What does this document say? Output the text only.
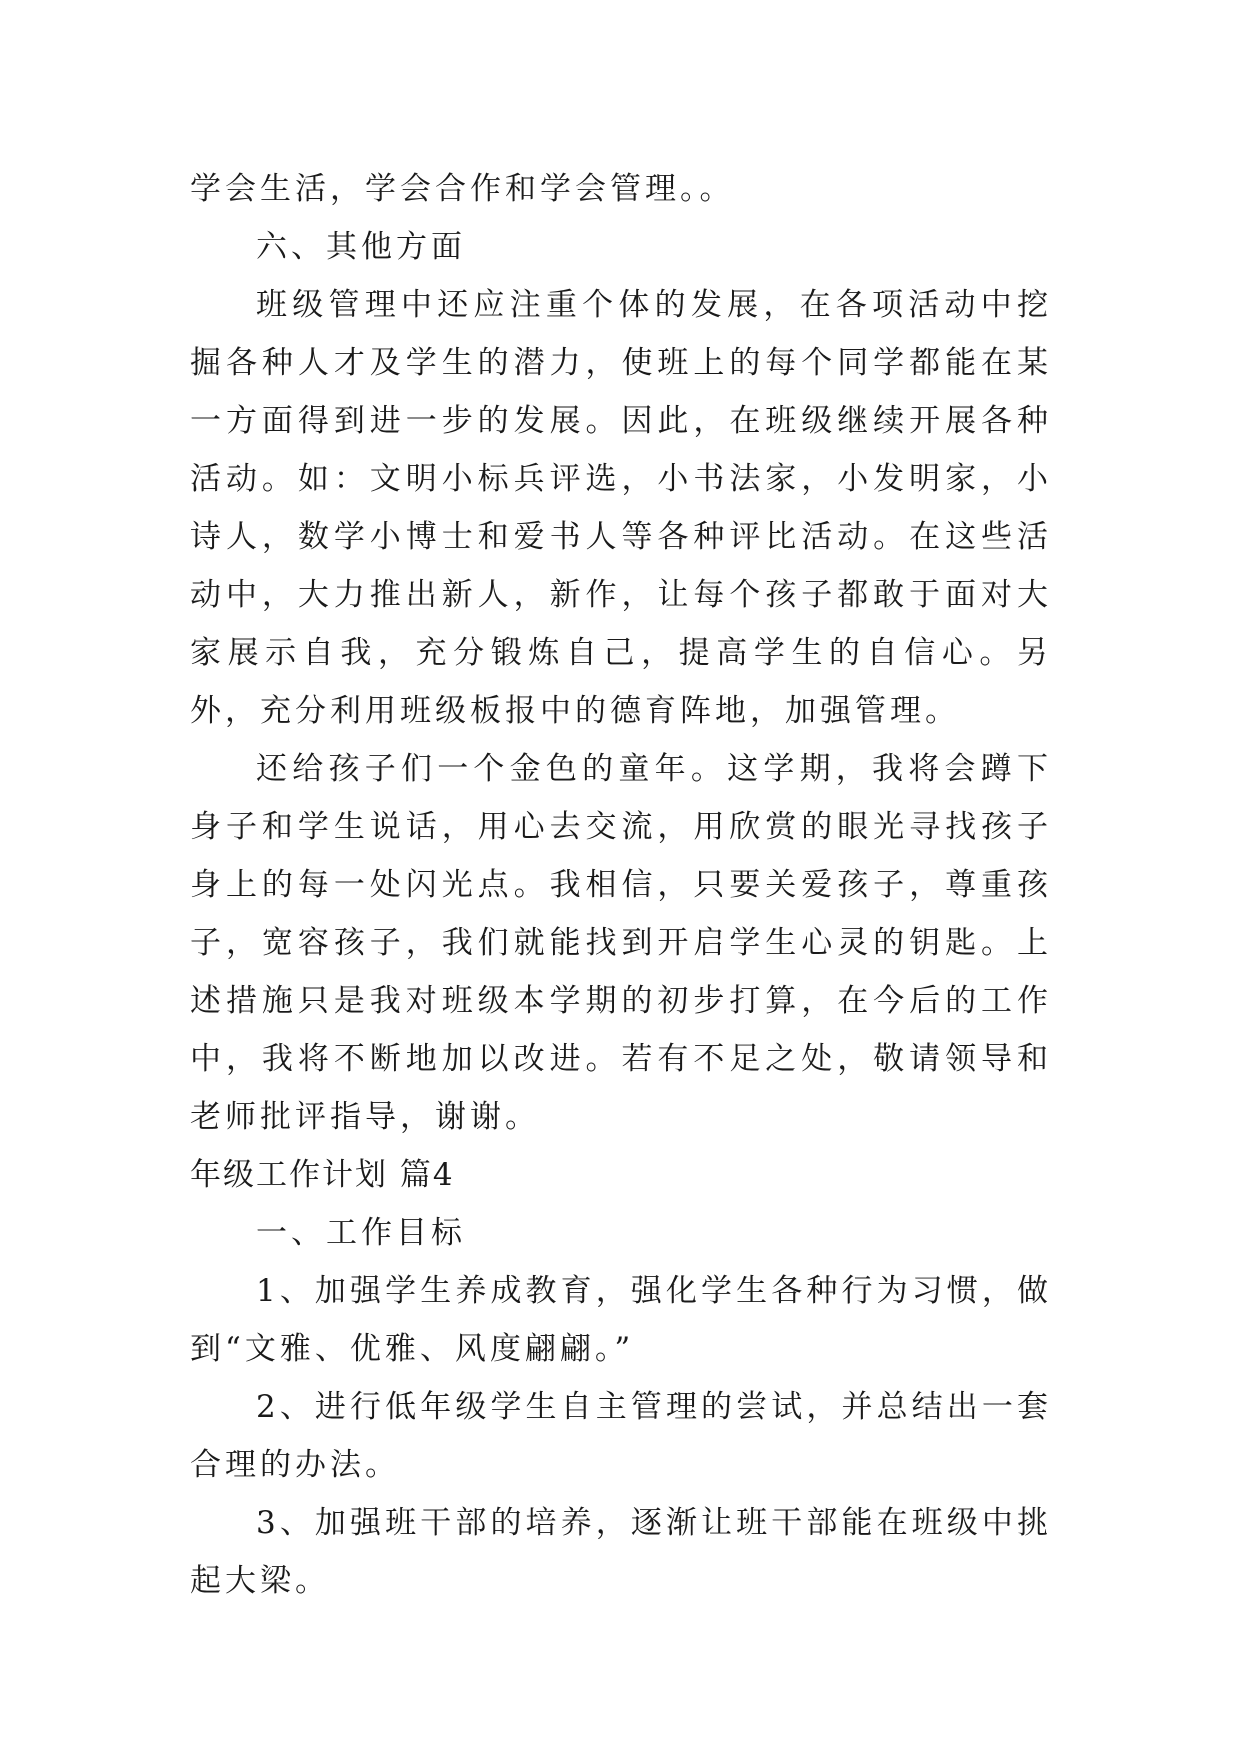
学会生活，学会合作和学会管理。。

六、其他方面

班级管理中还应注重个体的发展，在各项活动中挖掘各种人才及学生的潜力，使班上的每个同学都能在某一方面得到进一步的发展。因此，在班级继续开展各种活动。如：文明小标兵评选，小书法家，小发明家，小诗人，数学小博士和爱书人等各种评比活动。在这些活动中，大力推出新人，新作，让每个孩子都敢于面对大家展示自我，充分锻炼自己，提高学生的自信心。另外，充分利用班级板报中的德育阵地，加强管理。

还给孩子们一个金色的童年。这学期，我将会蹲下身子和学生说话，用心去交流，用欣赏的眼光寻找孩子身上的每一处闪光点。我相信，只要关爱孩子，尊重孩子，宽容孩子，我们就能找到开启学生心灵的钥匙。上述措施只是我对班级本学期的初步打算，在今后的工作中，我将不断地加以改进。若有不足之处，敬请领导和老师批评指导，谢谢。

年级工作计划 篇4

一、工作目标

1、加强学生养成教育，强化学生各种行为习惯，做到“文雅、优雅、风度翩翩。”

2、进行低年级学生自主管理的尝试，并总结出一套合理的办法。

3、加强班干部的培养，逐渐让班干部能在班级中挑起大梁。
